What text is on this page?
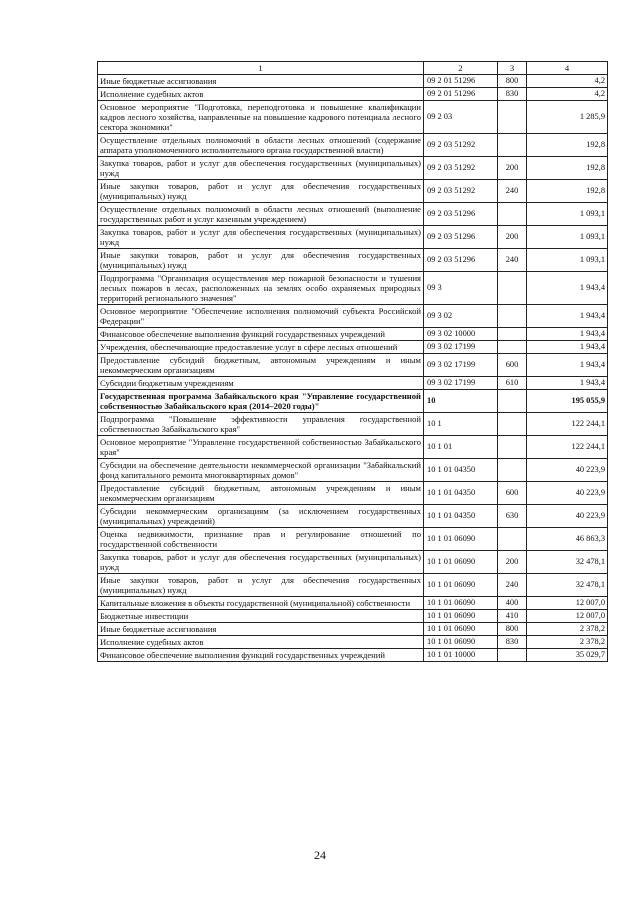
1	2	3	4
Иные бюджетные ассигнования	09 2 01 51296	800	4,2
Исполнение судебных актов	09 2 01 51296	830	4,2
Основное мероприятие "Подготовка, переподготовка и повышение квалификации кадров лесного хозяйства, направленные на повышение кадрового потенциала лесного сектора экономики"	09 2 03		1 285,9
Осуществление отдельных полномочий в области лесных отношений (содержание аппарата уполномоченного исполнительного органа государственной власти)	09 2 03 51292		192,8
Закупка товаров, работ и услуг для обеспечения государственных (муниципальных) нужд	09 2 03 51292	200	192,8
Иные закупки товаров, работ и услуг для обеспечения государственных (муниципальных) нужд	09 2 03 51292	240	192,8
Осуществление отдельных полномочий в области лесных отношений (выполнение государственных работ и услуг казенным учреждением)	09 2 03 51296		1 093,1
Закупка товаров, работ и услуг для обеспечения государственных (муниципальных) нужд	09 2 03 51296	200	1 093,1
Иные закупки товаров, работ и услуг для обеспечения государственных (муниципальных) нужд	09 2 03 51296	240	1 093,1
Подпрограмма "Организация осуществления мер пожарной безопасности и тушения лесных пожаров в лесах, расположенных на землях особо охраняемых природных территорий регионального значения"	09 3		1 943,4
Основное мероприятие "Обеспечение исполнения полномочий субъекта Российской Федерации"	09 3 02		1 943,4
Финансовое обеспечение выполнения функций государственных учреждений	09 3 02 10000		1 943,4
Учреждения, обеспечивающие предоставление услуг в сфере лесных отношений	09 3 02 17199		1 943,4
Предоставление субсидий бюджетным, автономным учреждениям и иным некоммерческим организациям	09 3 02 17199	600	1 943,4
Субсидии бюджетным учреждениям	09 3 02 17199	610	1 943,4
Государственная программа Забайкальского края "Управление государственной собственностью Забайкальского края (2014–2020 годы)"	10		195 055,9
Подпрограмма "Повышение эффективности управления государственной собственностью Забайкальского края"	10 1		122 244,1
Основное мероприятие "Управление государственной собственностью Забайкальского края"	10 1 01		122 244,1
Субсидии на обеспечение деятельности некоммерческой организации "Забайкальский фонд капитального ремонта многоквартирных домов"	10 1 01 04350		40 223,9
Предоставление субсидий бюджетным, автономным учреждениям и иным некоммерческим организациям	10 1 01 04350	600	40 223,9
Субсидии некоммерческим организациям (за исключением государственных (муниципальных) учреждений)	10 1 01 04350	630	40 223,9
Оценка недвижимости, признание прав и регулирование отношений по государственной собственности	10 1 01 06090		46 863,3
Закупка товаров, работ и услуг для обеспечения государственных (муниципальных) нужд	10 1 01 06090	200	32 478,1
Иные закупки товаров, работ и услуг для обеспечения государственных (муниципальных) нужд	10 1 01 06090	240	32 478,1
Капитальные вложения в объекты государственной (муниципальной) собственности	10 1 01 06090	400	12 007,0
Бюджетные инвестиции	10 1 01 06090	410	12 007,0
Иные бюджетные ассигнования	10 1 01 06090	800	2 378,2
Исполнение судебных актов	10 1 01 06090	830	2 378,2
Финансовое обеспечение выполнения функций государственных учреждений	10 1 01 10000		35 029,7
24
